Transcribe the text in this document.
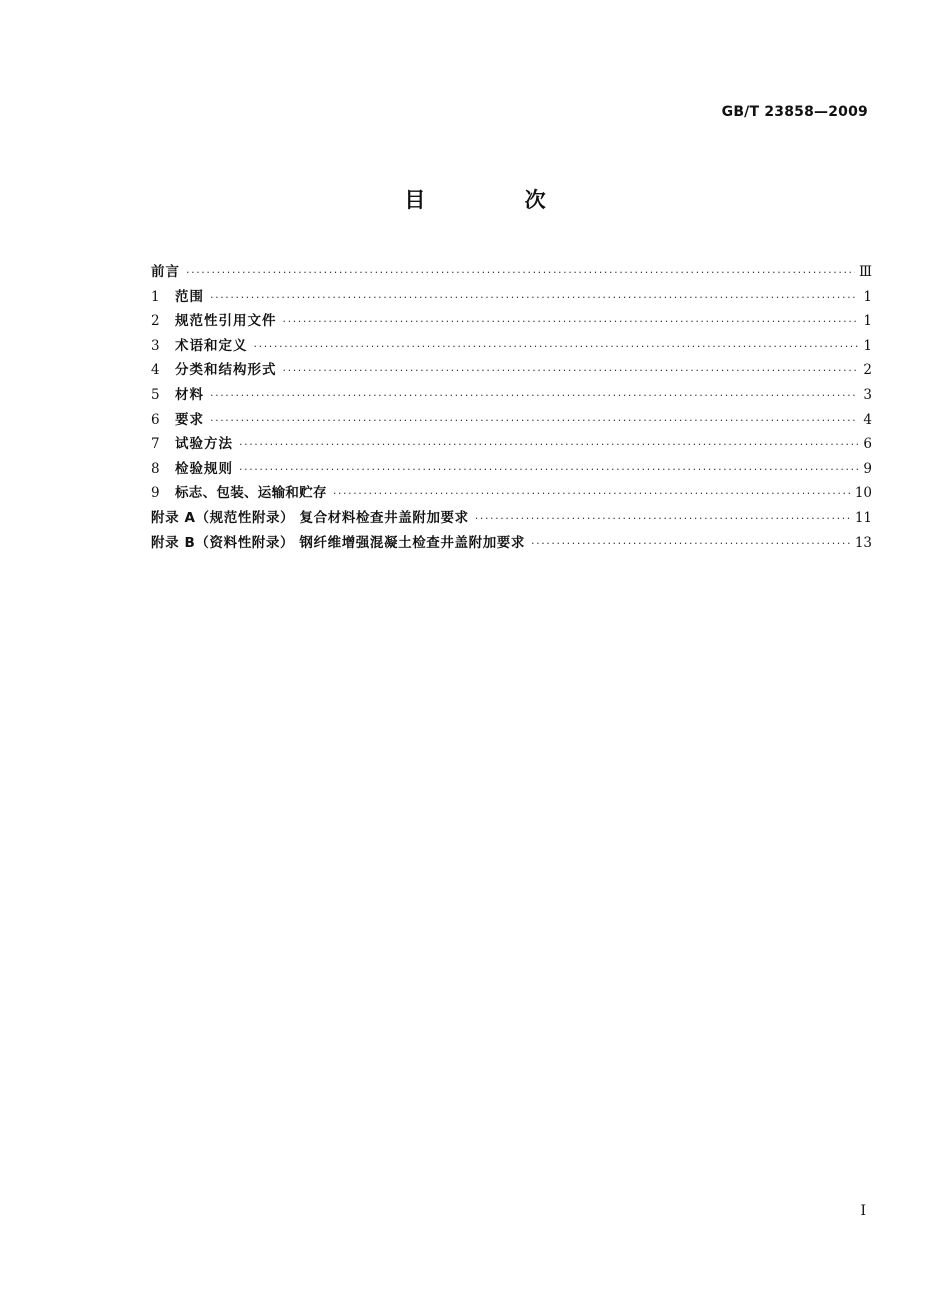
GB/T 23858—2009
目 次
前言 ·····	Ⅲ
1	范围 ·····	1
2	规范性引用文件 ·····	1
3	术语和定义 ·····	1
4	分类和结构形式 ·····	2
5	材料 ·····	3
6	要求 ·····	4
7	试验方法 ·····	6
8	检验规则 ·····	9
9	标志、包装、运输和贮存 ·····	10
附录 A（规范性附录） 复合材料检查井盖附加要求 ·····	11
附录 B（资料性附录） 钢纤维增强混凝土检查井盖附加要求 ·····	13
I
